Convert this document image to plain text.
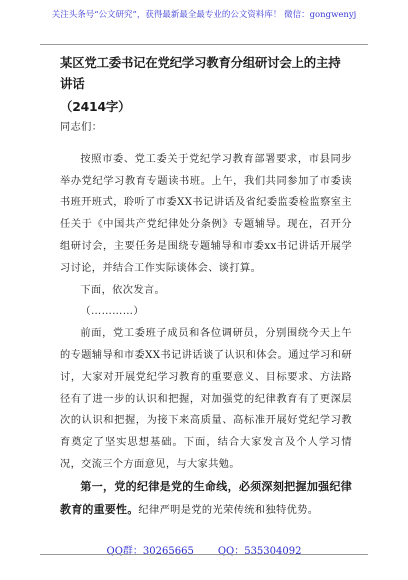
关注头条号“公文研究”，获得最新最全最专业的公文资料库！ 微信：gongwenyj

某区党工委书记在党纪学习教育分组研讨会上的主持讲话

（2414字）

同志们：

按照市委、党工委关于党纪学习教育部署要求，市县同步举办党纪学习教育专题读书班。上午，我们共同参加了市委读书班开班式，聆听了市委XX书记讲话及省纪委监委检监察室主任关于《中国共产党纪律处分条例》专题辅导。现在，召开分组研讨会，主要任务是围绕专题辅导和市委xx书记讲话开展学习讨论，并结合工作实际谈体会、谈打算。

下面，依次发言。

（…………）

前面，党工委班子成员和各位调研员，分别围绕今天上午的专题辅导和市委XX书记讲话谈了认识和体会。通过学习和研讨，大家对开展党纪学习教育的重要意义、目标要求、方法路径有了进一步的认识和把握，对加强党的纪律教育有了更深层次的认识和把握，为接下来高质量、高标准开展好党纪学习教育奠定了坚实思想基础。下面，结合大家发言及个人学习情况，交流三个方面意见，与大家共勉。

第一，党的纪律是党的生命线，必须深刻把握加强纪律教育的重要性。纪律严明是党的光荣传统和独特优势。

QQ群：30265665 QQ：535304092
